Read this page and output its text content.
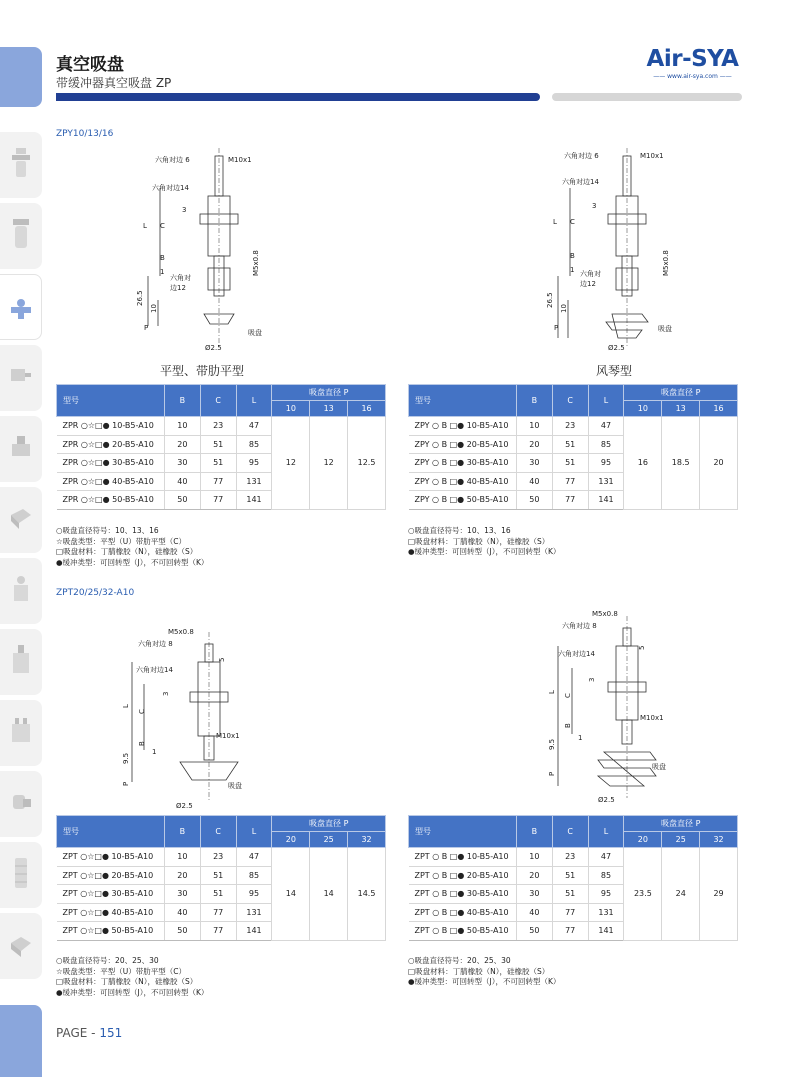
真空吸盘
带缓冲器真空吸盘 ZP
Air-SYA
—— www.air-sya.com ——
ZPY10/13/16
六角对边 6	M10x1
六角对边14
3
C
L
B
1
六角对
边12
M5x0.8
26.5
10
P
吸盘
Ø2.5
平型、带肋平型
六角对边 6	M10x1
六角对边14
3
C
L
B
1 六角对
边12
M5x0.8
26.5
10
P	吸盘
Ø2.5
风琴型
型号	B	C	L	吸盘直径 P		
				10	13	16
ZPR ○☆□● 10-B5-A10	10	23	47	12	12	12.5
ZPR ○☆□● 20-B5-A10	20	51	85			
ZPR ○☆□● 30-B5-A10	30	51	95			
ZPR ○☆□● 40-B5-A10	40	77	131			
ZPR ○☆□● 50-B5-A10	50	77	141			
○吸盘直径符号：10、13、16
☆吸盘类型：平型（U）带肋平型（C）
□吸盘材料：丁腈橡胶（N），硅橡胶（S）
●缓冲类型：可回转型（J），不可回转型（K）
型号	B	C	L	吸盘直径 P		
				10	13	16
ZPY ○ B □● 10-B5-A10	10	23	47	16	18.5	20
ZPY ○ B □● 20-B5-A10	20	51	85			
ZPY ○ B □● 30-B5-A10	30	51	95			
ZPY ○ B □● 40-B5-A10	40	77	131			
ZPY ○ B □● 50-B5-A10	50	77	141			
○吸盘直径符号：10、13、16
□吸盘材料：丁腈橡胶（N），硅橡胶（S）
●缓冲类型：可回转型（J），不可回转型（K）
ZPT20/25/32-A10
M5x0.8
六角对边 8
六角对边14
5
3
C
L
B
1
M10x1
9.5
P	吸盘
Ø2.5
M5x0.8
六角对边 8
六角对边14
5
3
C
L
B
1
M10x1
9.5
P
吸盘
Ø2.5
型号	B	C	L	吸盘直径 P		
				20	25	32
ZPT ○☆□● 10-B5-A10	10	23	47	14	14	14.5
ZPT ○☆□● 20-B5-A10	20	51	85			
ZPT ○☆□● 30-B5-A10	30	51	95			
ZPT ○☆□● 40-B5-A10	40	77	131			
ZPT ○☆□● 50-B5-A10	50	77	141			
○吸盘直径符号：20、25、30
☆吸盘类型：平型（U）带肋平型（C）
□吸盘材料：丁腈橡胶（N），硅橡胶（S）
●缓冲类型：可回转型（J），不可回转型（K）
型号	B	C	L	吸盘直径 P		
				20	25	32
ZPT ○ B □● 10-B5-A10	10	23	47	23.5	24	29
ZPT ○ B □● 20-B5-A10	20	51	85			
ZPT ○ B □● 30-B5-A10	30	51	95			
ZPT ○ B □● 40-B5-A10	40	77	131			
ZPT ○ B □● 50-B5-A10	50	77	141			
○吸盘直径符号：20、25、30
□吸盘材料：丁腈橡胶（N），硅橡胶（S）
●缓冲类型：可回转型（J），不可回转型（K）
PAGE - 151
